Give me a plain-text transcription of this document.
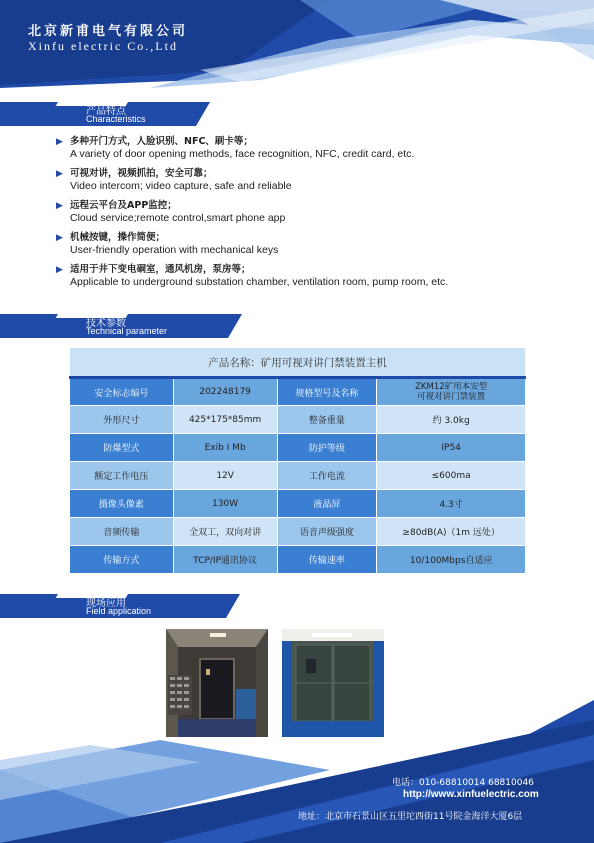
北京新甫电气有限公司
Xinfu electric Co.,Ltd
产品特点
Characteristics
▶ 多种开门方式，人脸识别、NFC、刷卡等；
A variety of door opening methods, face recognition, NFC, credit card, etc.
▶ 可视对讲，视频抓拍，安全可靠；
Video intercom; video capture, safe and reliable
▶ 远程云平台及APP监控；
Cloud service;remote control,smart phone app
▶ 机械按键，操作简便；
User-friendly operation with mechanical keys
▶ 适用于井下变电硐室，通风机房，泵房等；
Applicable to underground substation chamber, ventilation room, pump room, etc.
技术参数
Technical parameter
产品名称：矿用可视对讲门禁装置主机			
安全标志编号	202248179	规格型号及名称	ZKM12矿用本安型
可视对讲门禁装置

外形尺寸	425*175*85mm	整备重量	约 3.0kg
防爆型式	Exib I Mb	防护等级	IP54
额定工作电压	12V	工作电流	≤600ma
摄像头像素	130W	液晶屏	4.3寸
音频传输	全双工，双向对讲	语音声级强度	≥80dB(A)（1m 远处）
传输方式	TCP/IP通讯协议	传输速率	10/100Mbps自适应
现场应用
Field application
电话：010-68810014 68810046
http://www.xinfuelectric.com
地址：北京市石景山区五里坨西街11号院金海洋大厦6层
